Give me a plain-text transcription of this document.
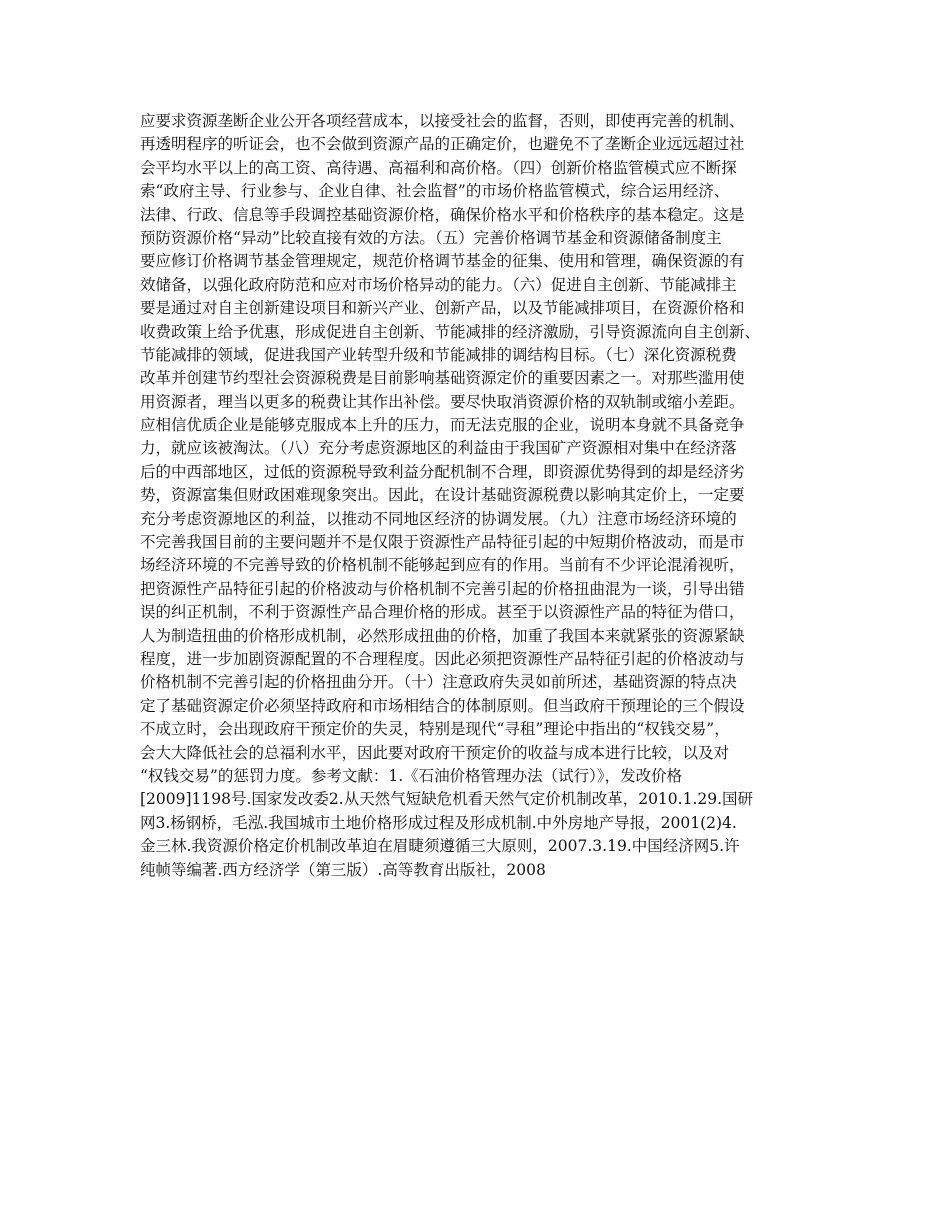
应要求资源垄断企业公开各项经营成本，以接受社会的监督，否则，即使再完善的机制、
再透明程序的听证会，也不会做到资源产品的正确定价，也避免不了垄断企业远远超过社
会平均水平以上的高工资、高待遇、高福利和高价格。（四）创新价格监管模式应不断探
索“政府主导、行业参与、企业自律、社会监督”的市场价格监管模式，综合运用经济、
法律、行政、信息等手段调控基础资源价格，确保价格水平和价格秩序的基本稳定。这是
预防资源价格“异动”比较直接有效的方法。（五）完善价格调节基金和资源储备制度主
要应修订价格调节基金管理规定，规范价格调节基金的征集、使用和管理，确保资源的有
效储备，以强化政府防范和应对市场价格异动的能力。（六）促进自主创新、节能减排主
要是通过对自主创新建设项目和新兴产业、创新产品，以及节能减排项目，在资源价格和
收费政策上给予优惠，形成促进自主创新、节能减排的经济激励，引导资源流向自主创新、
节能减排的领域，促进我国产业转型升级和节能减排的调结构目标。（七）深化资源税费
改革并创建节约型社会资源税费是目前影响基础资源定价的重要因素之一。对那些滥用使
用资源者，理当以更多的税费让其作出补偿。要尽快取消资源价格的双轨制或缩小差距。
应相信优质企业是能够克服成本上升的压力，而无法克服的企业，说明本身就不具备竞争
力，就应该被淘汰。（八）充分考虑资源地区的利益由于我国矿产资源相对集中在经济落
后的中西部地区，过低的资源税导致利益分配机制不合理，即资源优势得到的却是经济劣
势，资源富集但财政困难现象突出。因此，在设计基础资源税费以影响其定价上，一定要
充分考虑资源地区的利益，以推动不同地区经济的协调发展。（九）注意市场经济环境的
不完善我国目前的主要问题并不是仅限于资源性产品特征引起的中短期价格波动，而是市
场经济环境的不完善导致的价格机制不能够起到应有的作用。当前有不少评论混淆视听，
把资源性产品特征引起的价格波动与价格机制不完善引起的价格扭曲混为一谈，引导出错
误的纠正机制，不利于资源性产品合理价格的形成。甚至于以资源性产品的特征为借口，
人为制造扭曲的价格形成机制，必然形成扭曲的价格，加重了我国本来就紧张的资源紧缺
程度，进一步加剧资源配置的不合理程度。因此必须把资源性产品特征引起的价格波动与
价格机制不完善引起的价格扭曲分开。（十）注意政府失灵如前所述，基础资源的特点决
定了基础资源定价必须坚持政府和市场相结合的体制原则。但当政府干预理论的三个假设
不成立时，会出现政府干预定价的失灵，特别是现代“寻租”理论中指出的“权钱交易”，
会大大降低社会的总福利水平，因此要对政府干预定价的收益与成本进行比较，以及对
“权钱交易”的惩罚力度。参考文献：1.《石油价格管理办法（试行）》，发改价格
[2009]1198号.国家发改委2.从天然气短缺危机看天然气定价机制改革，2010.1.29.国研
网3.杨钢桥，毛泓.我国城市土地价格形成过程及形成机制.中外房地产导报，2001(2)4.
金三林.我资源价格定价机制改革迫在眉睫须遵循三大原则，2007.3.19.中国经济网5.许
纯帧等编著.西方经济学（第三版）.高等教育出版社，2008
